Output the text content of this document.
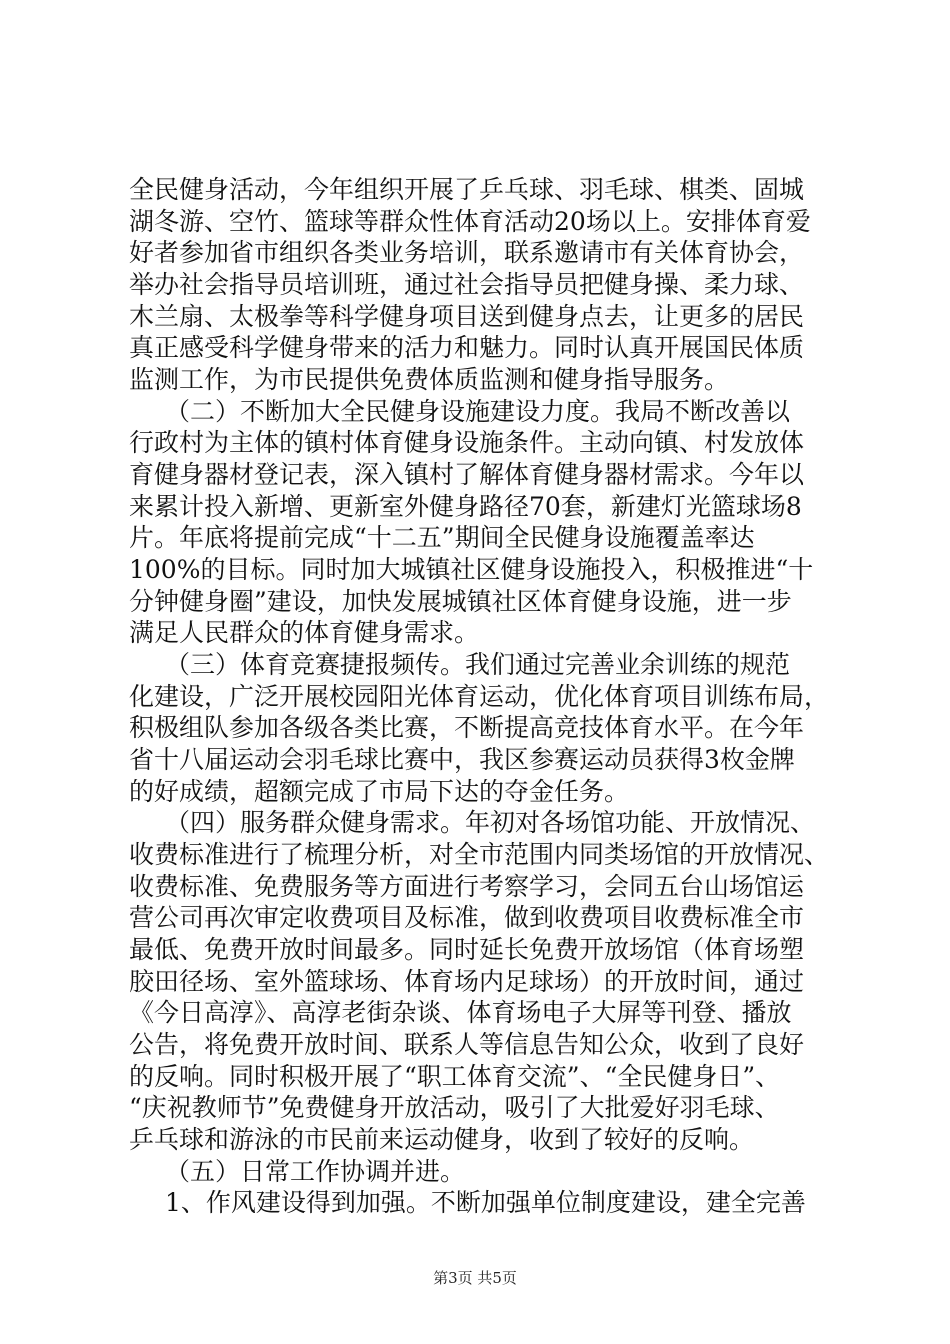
全民健身活动，今年组织开展了乒乓球、羽毛球、棋类、固城
湖冬游、空竹、篮球等群众性体育活动20场以上。安排体育爱
好者参加省市组织各类业务培训，联系邀请市有关体育协会，
举办社会指导员培训班，通过社会指导员把健身操、柔力球、
木兰扇、太极拳等科学健身项目送到健身点去，让更多的居民
真正感受科学健身带来的活力和魅力。同时认真开展国民体质
监测工作，为市民提供免费体质监测和健身指导服务。
（二）不断加大全民健身设施建设力度。我局不断改善以
行政村为主体的镇村体育健身设施条件。主动向镇、村发放体
育健身器材登记表，深入镇村了解体育健身器材需求。今年以
来累计投入新增、更新室外健身路径70套，新建灯光篮球场8
片。年底将提前完成“十二五”期间全民健身设施覆盖率达
100%的目标。同时加大城镇社区健身设施投入，积极推进“十
分钟健身圈”建设，加快发展城镇社区体育健身设施，进一步
满足人民群众的体育健身需求。
（三）体育竞赛捷报频传。我们通过完善业余训练的规范
化建设，广泛开展校园阳光体育运动，优化体育项目训练布局，
积极组队参加各级各类比赛，不断提高竞技体育水平。在今年
省十八届运动会羽毛球比赛中，我区参赛运动员获得3枚金牌
的好成绩，超额完成了市局下达的夺金任务。
（四）服务群众健身需求。年初对各场馆功能、开放情况、
收费标准进行了梳理分析，对全市范围内同类场馆的开放情况、
收费标准、免费服务等方面进行考察学习，会同五台山场馆运
营公司再次审定收费项目及标准，做到收费项目收费标准全市
最低、免费开放时间最多。同时延长免费开放场馆（体育场塑
胶田径场、室外篮球场、体育场内足球场）的开放时间，通过
《今日高淳》、高淳老街杂谈、体育场电子大屏等刊登、播放
公告，将免费开放时间、联系人等信息告知公众，收到了良好
的反响。同时积极开展了“职工体育交流”、“全民健身日”、
“庆祝教师节”免费健身开放活动，吸引了大批爱好羽毛球、
乒乓球和游泳的市民前来运动健身，收到了较好的反响。
（五）日常工作协调并进。
1、作风建设得到加强。不断加强单位制度建设，建全完善
第3页 共5页
